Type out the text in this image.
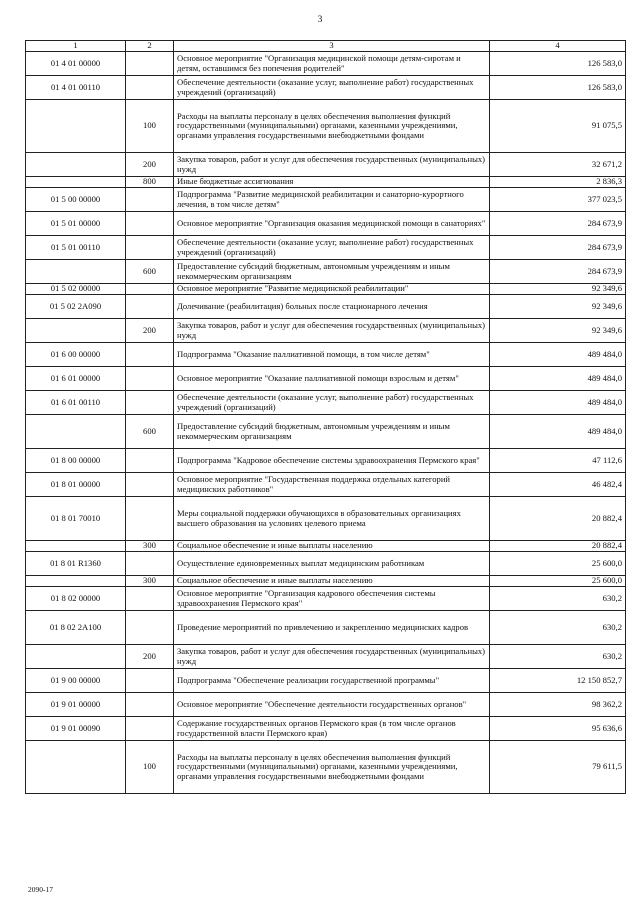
3
1	2	3	4
01 4 01 00000		Основное мероприятие "Организация медицинской помощи детям-сиротам и детям, оставшимся без попечения родителей"	126 583,0
01 4 01 00110		Обеспечение деятельности (оказание услуг, выполнение работ) государственных учреждений (организаций)	126 583,0
	100	Расходы на выплаты персоналу в целях обеспечения выполнения функций государственными (муниципальными) органами, казенными учреждениями, органами управления государственными внебюджетными фондами	91 075,5
	200	Закупка товаров, работ и услуг для обеспечения государственных (муниципальных) нужд	32 671,2
	800	Иные бюджетные ассигнования	2 836,3
01 5 00 00000		Подпрограмма "Развитие медицинской реабилитации и санаторно-курортного лечения, в том числе детям"	377 023,5
01 5 01 00000		Основное мероприятие "Организация оказания медицинской помощи в санаториях"	284 673,9
01 5 01 00110		Обеспечение деятельности (оказание услуг, выполнение работ) государственных учреждений (организаций)	284 673,9
	600	Предоставление субсидий бюджетным, автономным учреждениям и иным некоммерческим организациям	284 673,9
01 5 02 00000		Основное мероприятие "Развитие медицинской реабилитации"	92 349,6
01 5 02 2А090		Долечивание (реабилитация) больных после стационарного лечения	92 349,6
	200	Закупка товаров, работ и услуг для обеспечения государственных (муниципальных) нужд	92 349,6
01 6 00 00000		Подпрограмма "Оказание паллиативной помощи, в том числе детям"	489 484,0
01 6 01 00000		Основное мероприятие "Оказание паллиативной помощи взрослым и детям"	489 484,0
01 6 01 00110		Обеспечение деятельности (оказание услуг, выполнение работ) государственных учреждений (организаций)	489 484,0
	600	Предоставление субсидий бюджетным, автономным учреждениям и иным некоммерческим организациям	489 484,0
01 8 00 00000		Подпрограмма "Кадровое обеспечение системы здравоохранения Пермского края"	47 112,6
01 8 01 00000		Основное мероприятие "Государственная поддержка отдельных категорий медицинских работников"	46 482,4
01 8 01 70010		Меры социальной поддержки обучающихся в образовательных организациях высшего образования на условиях целевого приема	20 882,4
	300	Социальное обеспечение и иные выплаты населению	20 882,4
01 8 01 R1360		Осуществление единовременных выплат медицинским работникам	25 600,0
	300	Социальное обеспечение и иные выплаты населению	25 600,0
01 8 02 00000		Основное мероприятие "Организация кадрового обеспечения системы здравоохранения Пермского края"	630,2
01 8 02 2А100		Проведение мероприятий по привлечению и закреплению медицинских кадров	630,2
	200	Закупка товаров, работ и услуг для обеспечения государственных (муниципальных) нужд	630,2
01 9 00 00000		Подпрограмма "Обеспечение реализации государственной программы"	12 150 852,7
01 9 01 00000		Основное мероприятие "Обеспечение деятельности государственных органов"	98 362,2
01 9 01 00090		Содержание государственных органов Пермского края (в том числе органов государственной власти Пермского края)	95 636,6
	100	Расходы на выплаты персоналу в целях обеспечения выполнения функций государственными (муниципальными) органами, казенными учреждениями, органами управления государственными внебюджетными фондами	79 611,5
2090-17
